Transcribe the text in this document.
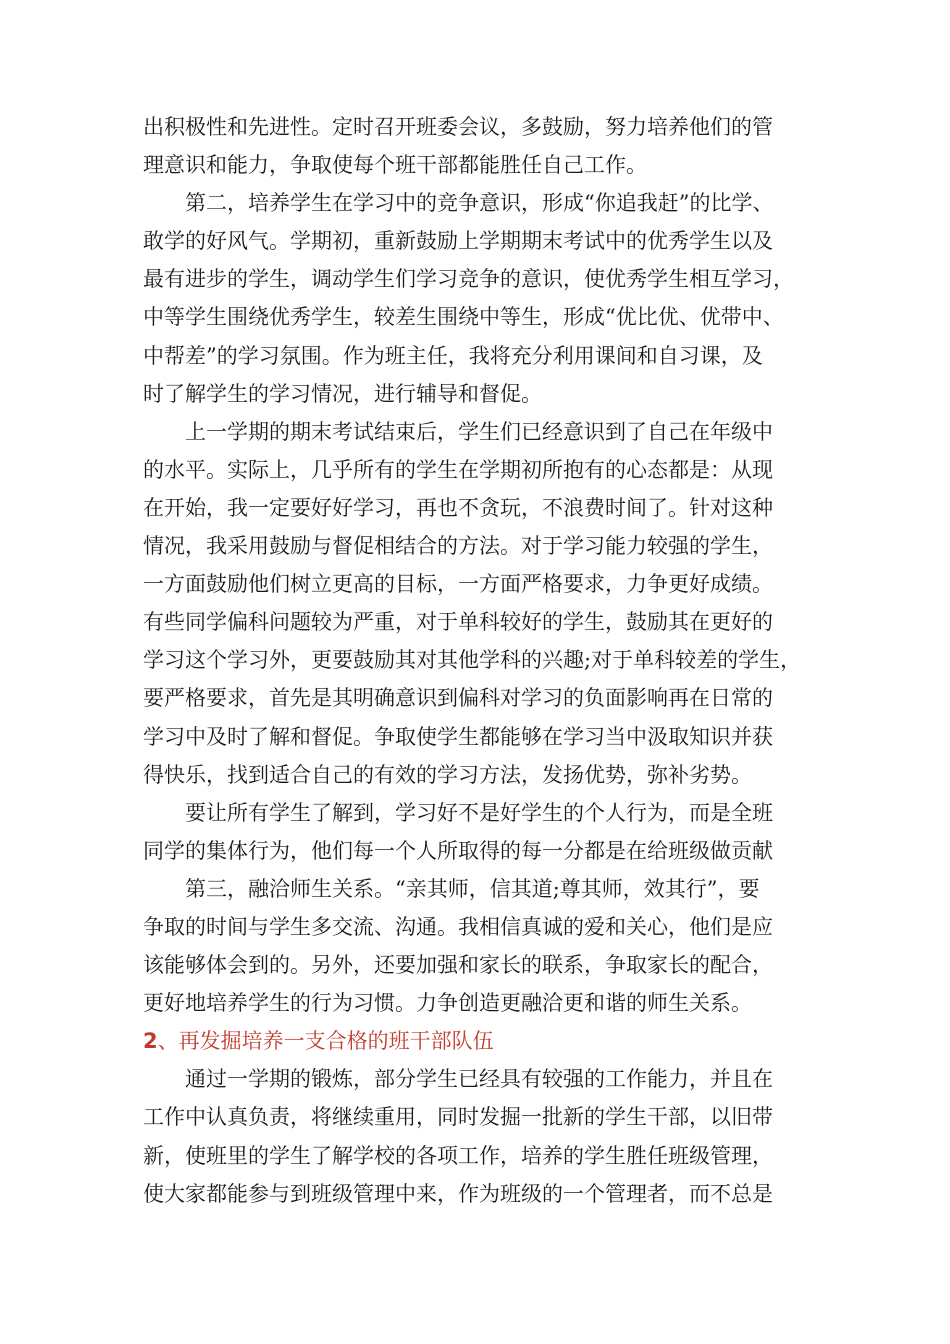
出积极性和先进性。定时召开班委会议，多鼓励，努力培养他们的管
理意识和能力，争取使每个班干部都能胜任自己工作。
第二，培养学生在学习中的竞争意识，形成“你追我赶”的比学、
敢学的好风气。学期初，重新鼓励上学期期末考试中的优秀学生以及
最有进步的学生，调动学生们学习竞争的意识，使优秀学生相互学习，
中等学生围绕优秀学生，较差生围绕中等生，形成“优比优、优带中、
中帮差”的学习氛围。作为班主任，我将充分利用课间和自习课，及
时了解学生的学习情况，进行辅导和督促。
上一学期的期末考试结束后，学生们已经意识到了自己在年级中
的水平。实际上，几乎所有的学生在学期初所抱有的心态都是：从现
在开始，我一定要好好学习，再也不贪玩，不浪费时间了。针对这种
情况，我采用鼓励与督促相结合的方法。对于学习能力较强的学生，
一方面鼓励他们树立更高的目标，一方面严格要求，力争更好成绩。
有些同学偏科问题较为严重，对于单科较好的学生，鼓励其在更好的
学习这个学习外，更要鼓励其对其他学科的兴趣;对于单科较差的学生，
要严格要求，首先是其明确意识到偏科对学习的负面影响再在日常的
学习中及时了解和督促。争取使学生都能够在学习当中汲取知识并获
得快乐，找到适合自己的有效的学习方法，发扬优势，弥补劣势。
要让所有学生了解到，学习好不是好学生的个人行为，而是全班
同学的集体行为，他们每一个人所取得的每一分都是在给班级做贡献
第三，融洽师生关系。“亲其师，信其道;尊其师，效其行”，要
争取的时间与学生多交流、沟通。我相信真诚的爱和关心，他们是应
该能够体会到的。另外，还要加强和家长的联系，争取家长的配合，
更好地培养学生的行为习惯。力争创造更融洽更和谐的师生关系。
2、再发掘培养一支合格的班干部队伍
通过一学期的锻炼，部分学生已经具有较强的工作能力，并且在
工作中认真负责，将继续重用，同时发掘一批新的学生干部，以旧带
新，使班里的学生了解学校的各项工作，培养的学生胜任班级管理，
使大家都能参与到班级管理中来，作为班级的一个管理者，而不总是
